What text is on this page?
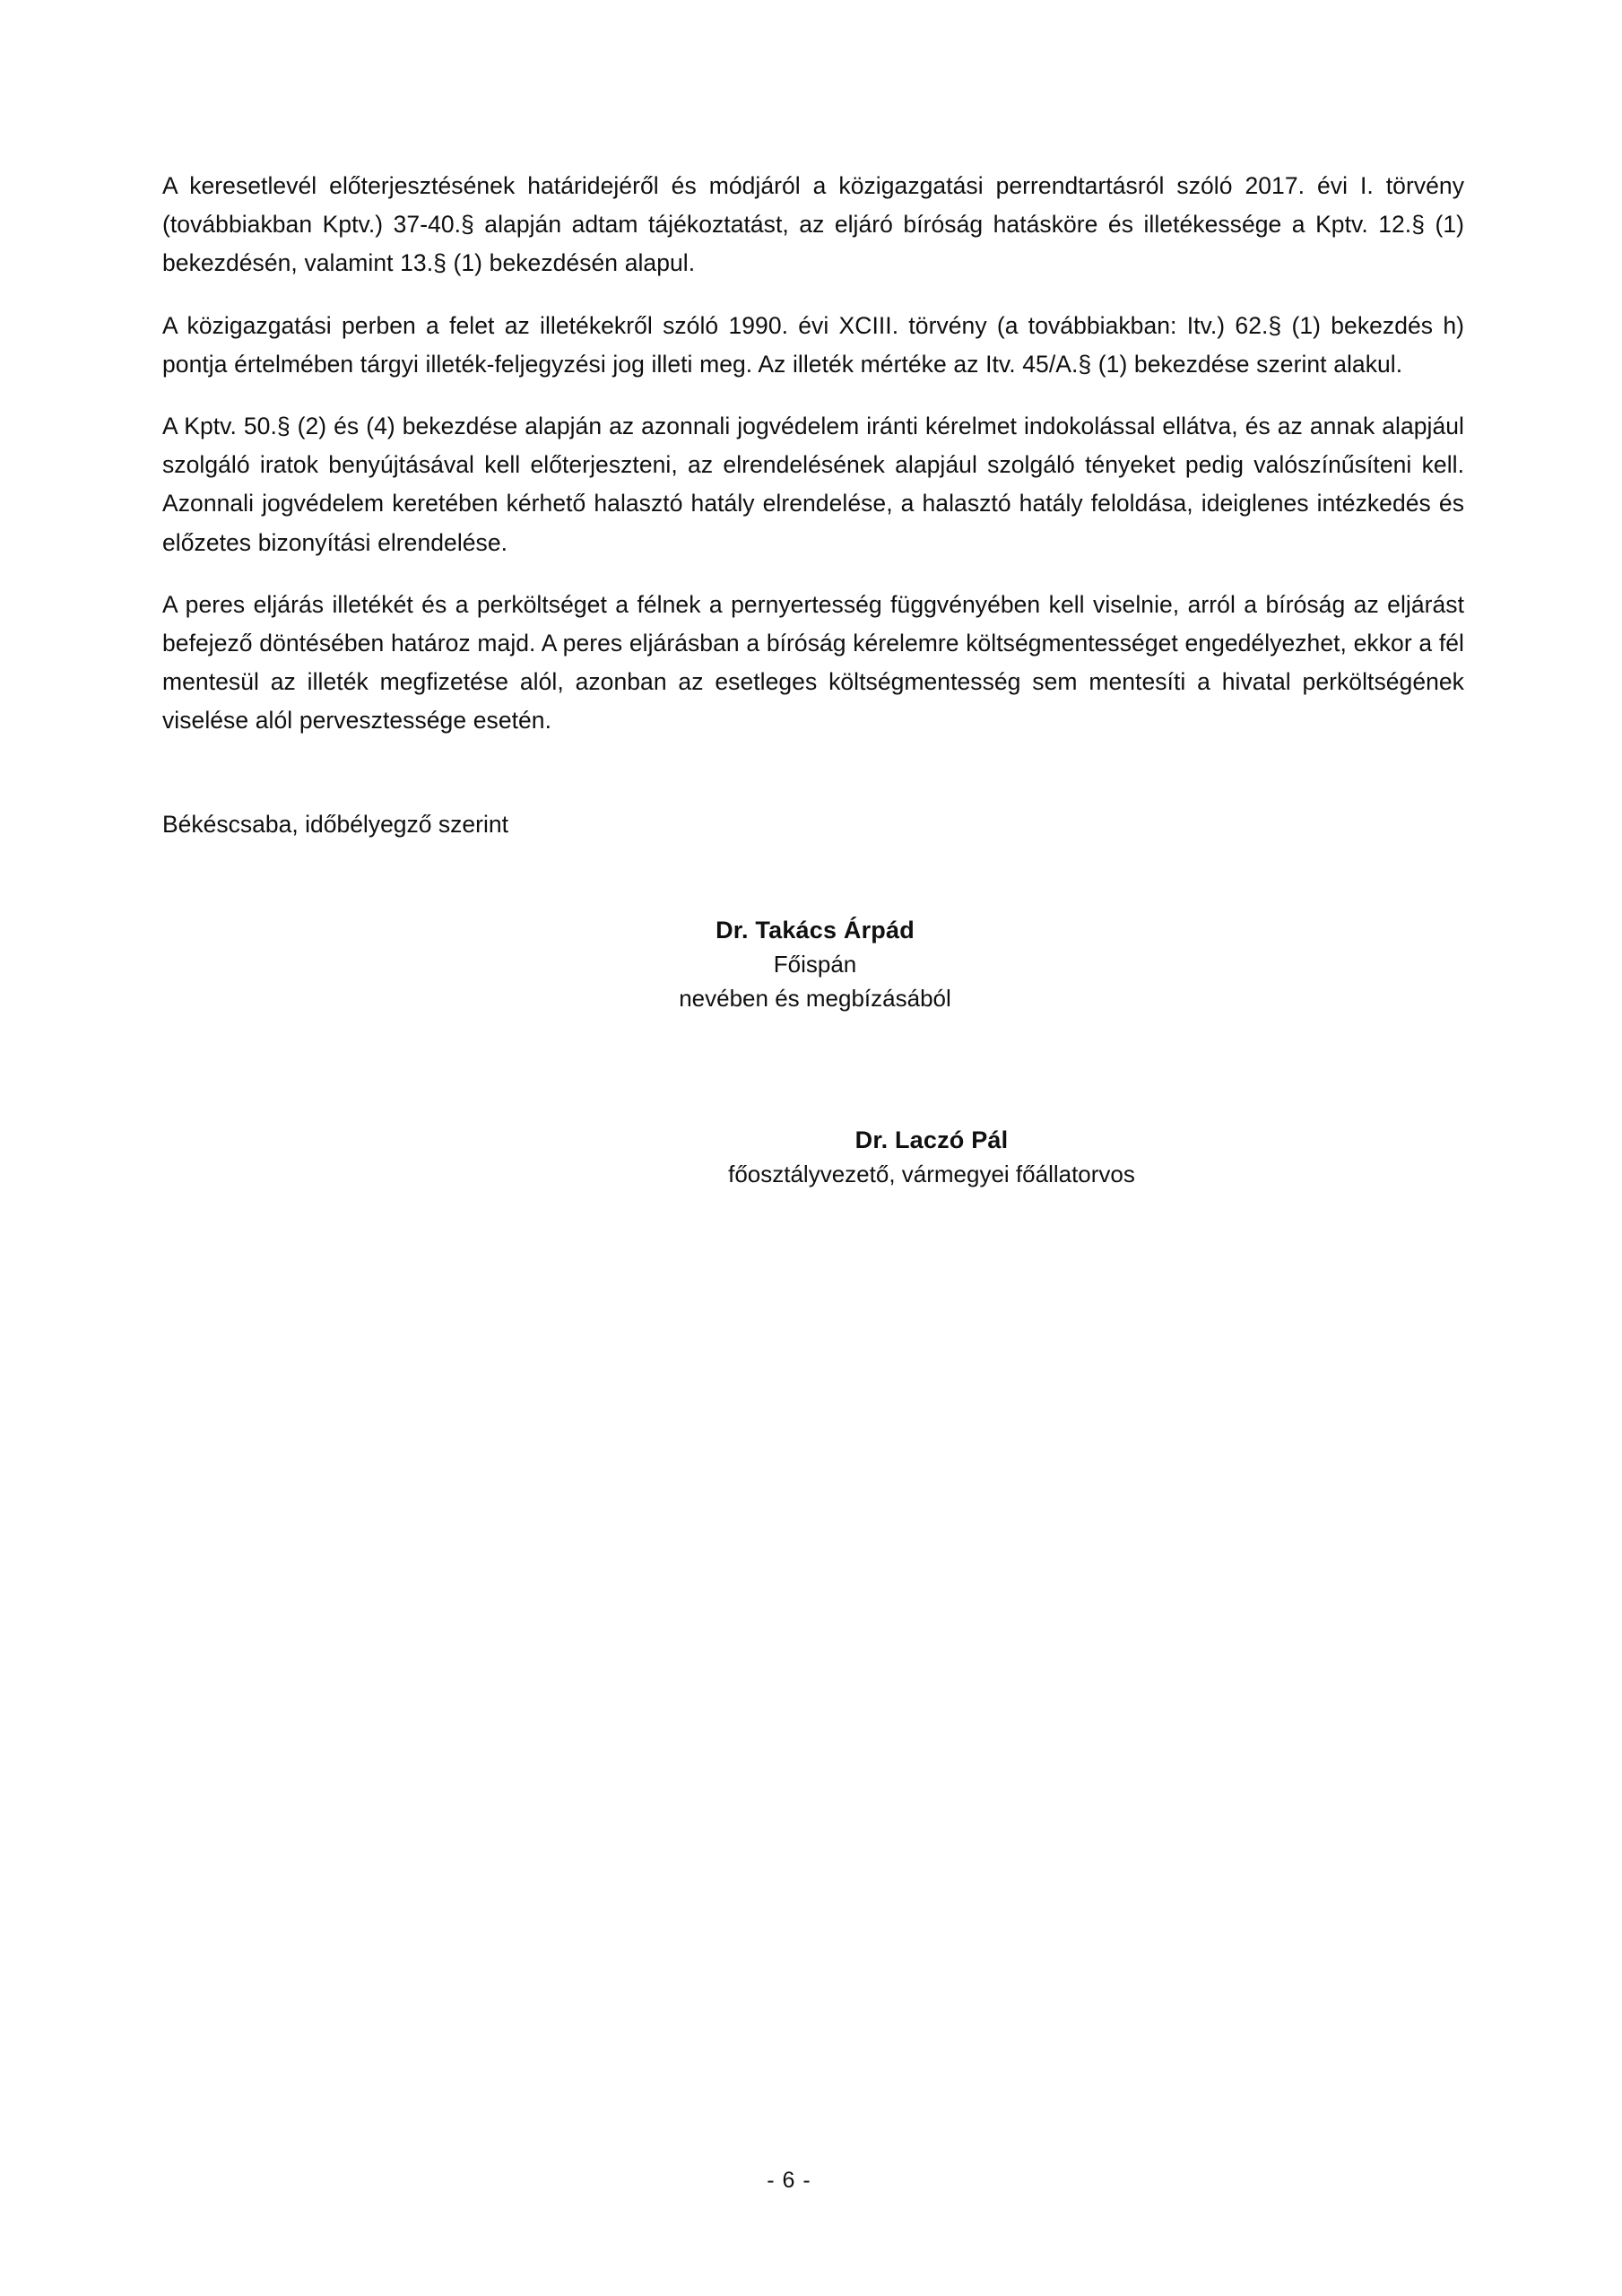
A keresetlevél előterjesztésének határidejéről és módjáról a közigazgatási perrendtartásról szóló 2017. évi I. törvény (továbbiakban Kptv.) 37-40.§ alapján adtam tájékoztatást, az eljáró bíróság hatásköre és illetékessége a Kptv. 12.§ (1) bekezdésén, valamint 13.§ (1) bekezdésén alapul.

A közigazgatási perben a felet az illetékekről szóló 1990. évi XCIII. törvény (a továbbiakban: Itv.) 62.§ (1) bekezdés h) pontja értelmében tárgyi illeték-feljegyzési jog illeti meg. Az illeték mértéke az Itv. 45/A.§ (1) bekezdése szerint alakul.

A Kptv. 50.§ (2) és (4) bekezdése alapján az azonnali jogvédelem iránti kérelmet indokolással ellátva, és az annak alapjául szolgáló iratok benyújtásával kell előterjeszteni, az elrendelésének alapjául szolgáló tényeket pedig valószínűsíteni kell. Azonnali jogvédelem keretében kérhető halasztó hatály elrendelése, a halasztó hatály feloldása, ideiglenes intézkedés és előzetes bizonyítási elrendelése.

A peres eljárás illetékét és a perköltséget a félnek a pernyertesség függvényében kell viselnie, arról a bíróság az eljárást befejező döntésében határoz majd. A peres eljárásban a bíróság kérelemre költségmentességet engedélyezhet, ekkor a fél mentesül az illeték megfizetése alól, azonban az esetleges költségmentesség sem mentesíti a hivatal perköltségének viselése alól pervesztessége esetén.

Békéscsaba, időbélyegző szerint
Dr. Takács Árpád
Főispán
nevében és megbízásából
Dr. Laczó Pál
főosztályvezető, vármegyei főállatorvos
- 6 -
